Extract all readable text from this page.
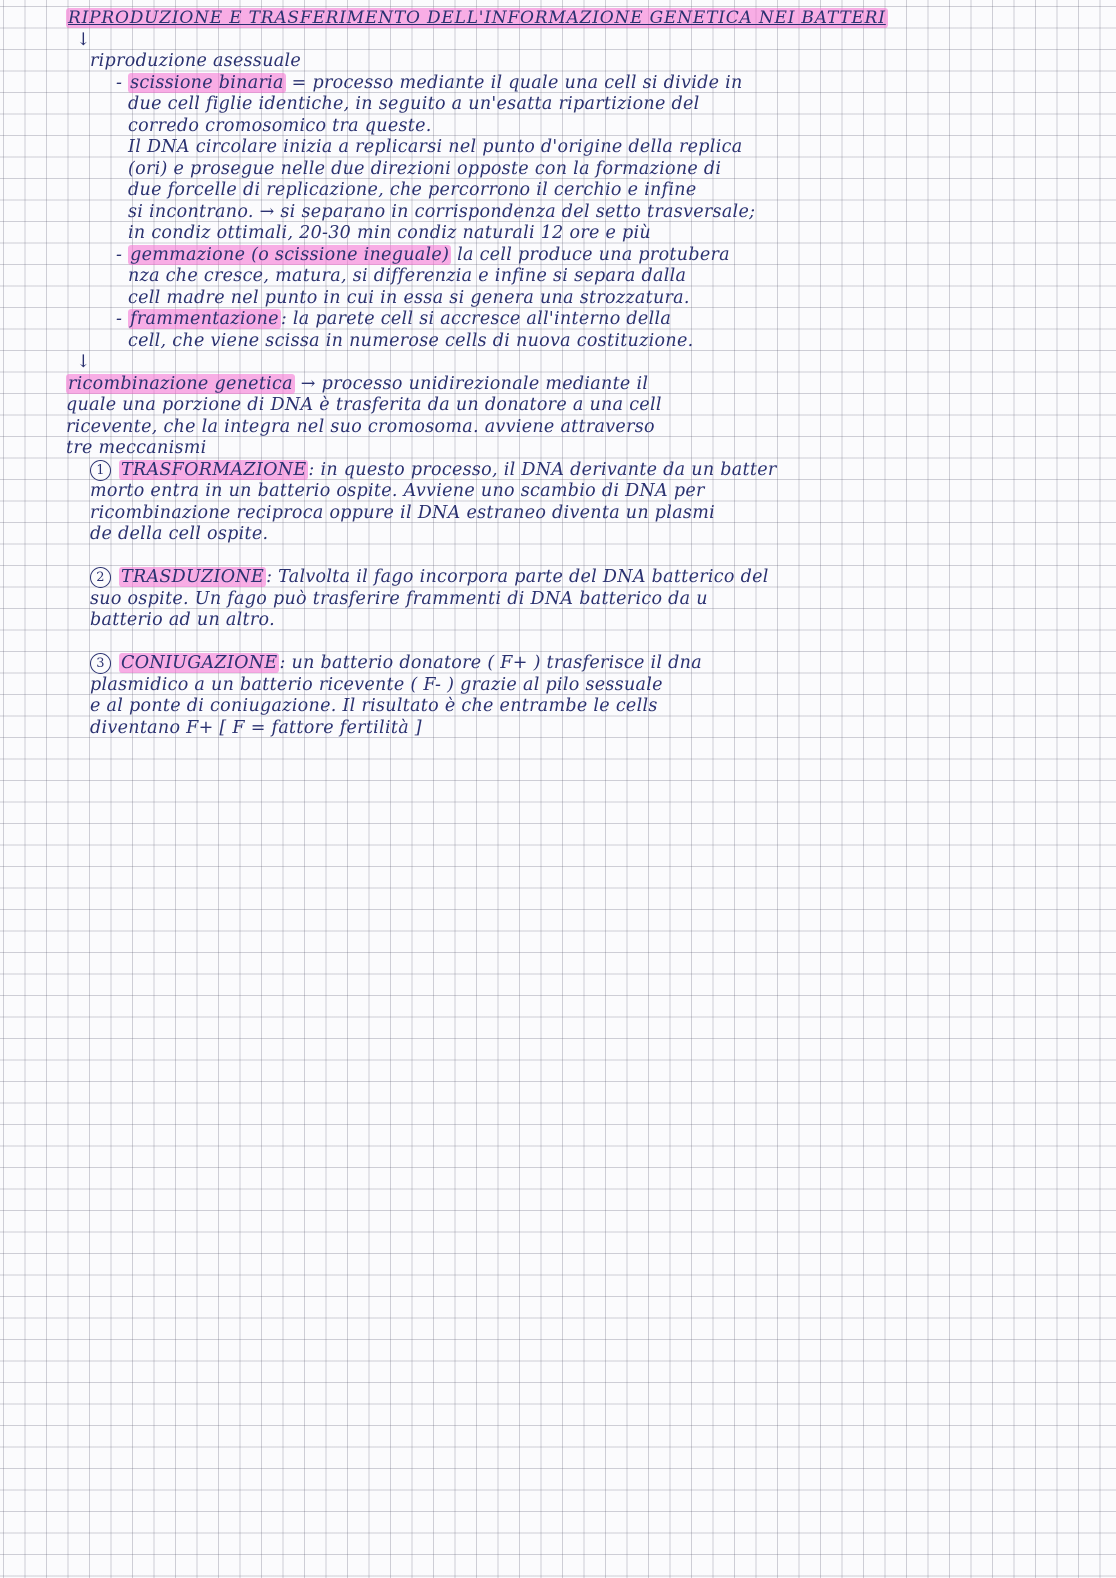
RIPRODUZIONE E TRASFERIMENTO DELL'INFORMAZIONE GENETICA NEI BATTERI
↓
riproduzione asessuale
- scissione binaria = processo mediante il quale una cell si divide in
due cell figlie identiche, in seguito a un'esatta ripartizione del
corredo cromosomico tra queste.
Il DNA circolare inizia a replicarsi nel punto d'origine della replica
(ori) e prosegue nelle due direzioni opposte con la formazione di
due forcelle di replicazione, che percorrono il cerchio e infine
si incontrano. → si separano in corrispondenza del setto trasversale;
in condiz ottimali, 20-30 min condiz naturali 12 ore e più
- gemmazione (o scissione ineguale) la cell produce una protubera
nza che cresce, matura, si differenzia e infine si separa dalla
cell madre nel punto in cui in essa si genera una strozzatura.
- frammentazione : la parete cell si accresce all'interno della
cell, che viene scissa in numerose cells di nuova costituzione.
↓
ricombinazione genetica → processo unidirezionale mediante il
quale una porzione di DNA è trasferita da un donatore a una cell
ricevente, che la integra nel suo cromosoma. avviene attraverso
tre meccanismi
1 TRASFORMAZIONE : in questo processo, il DNA derivante da un batter
morto entra in un batterio ospite. Avviene uno scambio di DNA per
ricombinazione reciproca oppure il DNA estraneo diventa un plasmi
de della cell ospite.
2 TRASDUZIONE : Talvolta il fago incorpora parte del DNA batterico del
suo ospite. Un fago può trasferire frammenti di DNA batterico da u
batterio ad un altro.
3 CONIUGAZIONE : un batterio donatore ( F+ ) trasferisce il dna
plasmidico a un batterio ricevente ( F- ) grazie al pilo sessuale
e al ponte di coniugazione. Il risultato è che entrambe le cells
diventano F+ [ F = fattore fertilità ]
